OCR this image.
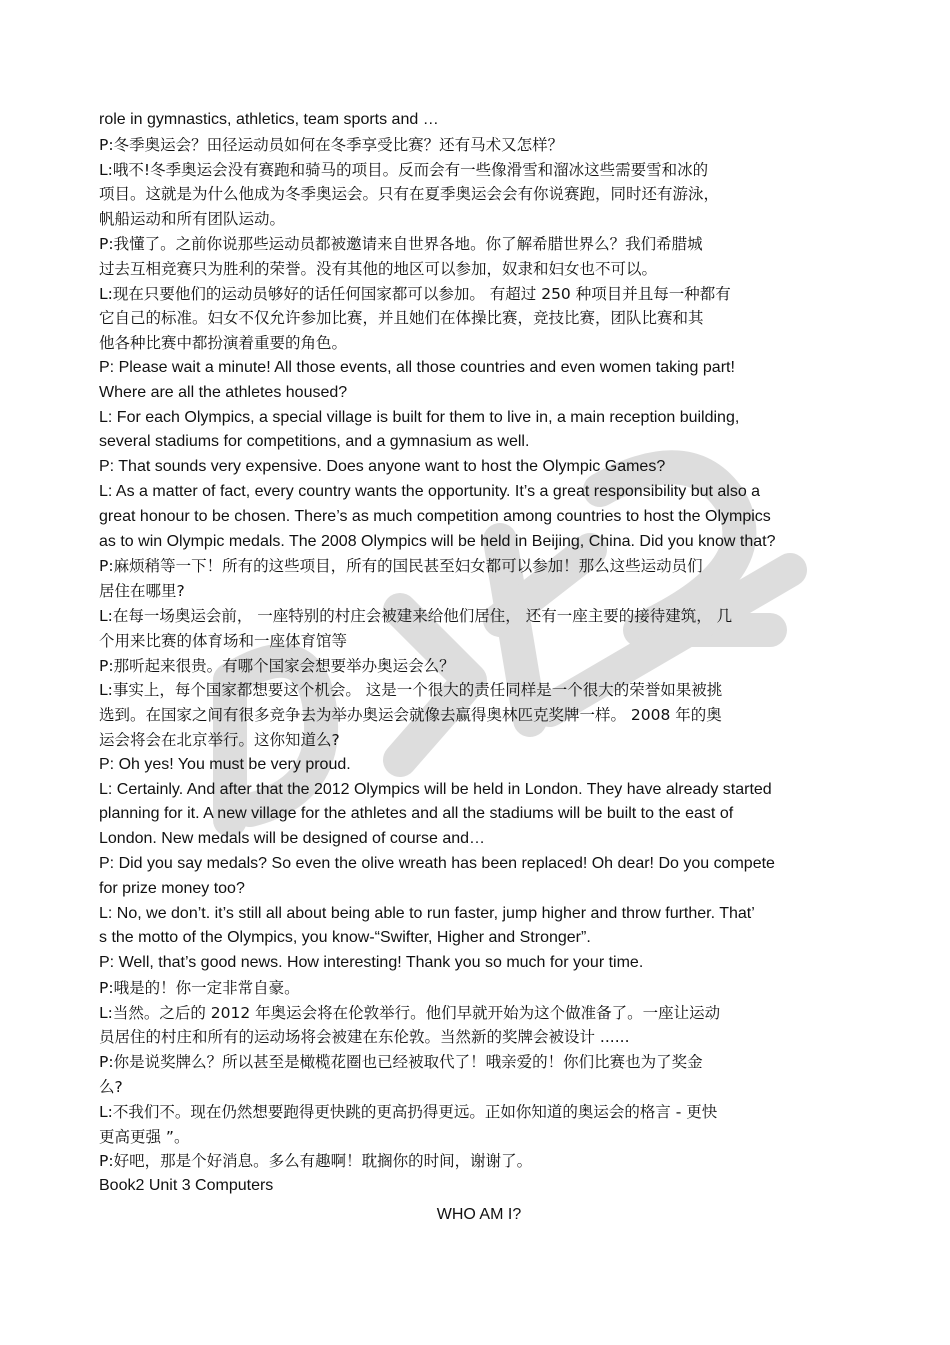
role in gymnastics, athletics, team sports and …
P:冬季奥运会？田径运动员如何在冬季享受比赛？还有马术又怎样？
L:哦不!冬季奥运会没有赛跑和骑马的项目。反而会有一些像滑雪和溜冰这些需要雪和冰的
项目。这就是为什么他成为冬季奥运会。只有在夏季奥运会会有你说赛跑，同时还有游泳，
帆船运动和所有团队运动。
P:我懂了。之前你说那些运动员都被邀请来自世界各地。你了解希腊世界么？我们希腊城
过去互相竞赛只为胜利的荣誉。没有其他的地区可以参加，奴隶和妇女也不可以。
L:现在只要他们的运动员够好的话任何国家都可以参加。 有超过 250 种项目并且每一种都有
它自己的标准。妇女不仅允许参加比赛，并且她们在体操比赛，竞技比赛，团队比赛和其
他各种比赛中都扮演着重要的角色。
P: Please wait a minute! All those events, all those countries and even women taking part!
Where are all the athletes housed?
L: For each Olympics, a special village is built for them to live in, a main reception building,
several stadiums for competitions, and a gymnasium as well.
P: That sounds very expensive. Does anyone want to host the Olympic Games?
L: As a matter of fact, every country wants the opportunity. It’s a great responsibility but also a
great honour to be chosen. There’s as much competition among countries to host the Olympics
as to win Olympic medals. The 2008 Olympics will be held in Beijing, China. Did you know that?
P:麻烦稍等一下！所有的这些项目，所有的国民甚至妇女都可以参加！那么这些运动员们
居住在哪里?
L:在每一场奥运会前， 一座特别的村庄会被建来给他们居住， 还有一座主要的接待建筑， 几
个用来比赛的体育场和一座体育馆等
P:那听起来很贵。有哪个国家会想要举办奥运会么？
L:事实上，每个国家都想要这个机会。 这是一个很大的责任同样是一个很大的荣誉如果被挑
选到。在国家之间有很多竞争去为举办奥运会就像去赢得奥林匹克奖牌一样。 2008 年的奥
运会将会在北京举行。这你知道么?
P: Oh yes! You must be very proud.
L: Certainly. And after that the 2012 Olympics will be held in London. They have already started
planning for it. A new village for the athletes and all the stadiums will be built to the east of
London. New medals will be designed of course and…
P: Did you say medals? So even the olive wreath has been replaced! Oh dear! Do you compete
for prize money too?
L: No, we don’t. it’s still all about being able to run faster, jump higher and throw further. That’
s the motto of the Olympics, you know-“Swifter, Higher and Stronger”.
P: Well, that’s good news. How interesting! Thank you so much for your time.
P:哦是的！你一定非常自豪。
L:当然。之后的 2012 年奥运会将在伦敦举行。他们早就开始为这个做准备了。一座让运动
员居住的村庄和所有的运动场将会被建在东伦敦。当然新的奖牌会被设计 ......
P:你是说奖牌么？所以甚至是橄榄花圈也已经被取代了！哦亲爱的！你们比赛也为了奖金
么?
L:不我们不。现在仍然想要跑得更快跳的更高扔得更远。正如你知道的奥运会的格言 - 更快
更高更强 ”。
P:好吧，那是个好消息。多么有趣啊！耽搁你的时间，谢谢了。
Book2 Unit 3 Computers
WHO AM I?
